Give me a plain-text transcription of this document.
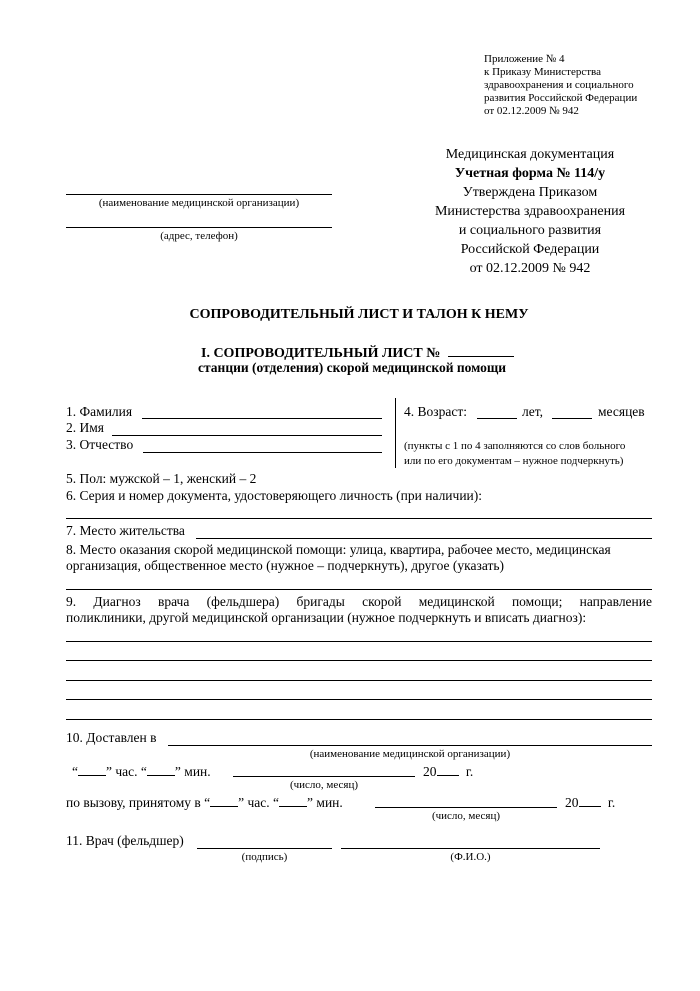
Приложение № 4
к Приказу Министерства
здравоохранения и социального
развития Российской Федерации
от 02.12.2009 № 942
Медицинская документация
Учетная форма № 114/у
Утверждена Приказом
Министерства здравоохранения
и социального развития
Российской Федерации
от 02.12.2009 № 942
(наименование медицинской организации)
(адрес, телефон)
СОПРОВОДИТЕЛЬНЫЙ ЛИСТ И ТАЛОН К НЕМУ
I. СОПРОВОДИТЕЛЬНЫЙ ЛИСТ №
станции (отделения) скорой медицинской помощи
1. Фамилия
2. Имя
3. Отчество
4. Возраст:	лет,	месяцев
(пункты с 1 по 4 заполняются со слов больного
или по его документам – нужное подчеркнуть)
5. Пол: мужской – 1, женский – 2
6. Серия и номер документа, удостоверяющего личность (при наличии):
7. Место жительства
8. Место оказания скорой медицинской помощи: улица, квартира, рабочее место, медицинская
организация, общественное место (нужное – подчеркнуть), другое (указать)
9. Диагноз врача (фельдшера) бригады скорой медицинской помощи; направление
поликлиники, другой медицинской организации (нужное подчеркнуть и вписать диагноз):
10. Доставлен в
(наименование медицинской организации)
“ ” час. “ ” мин.
(число, месяц)
20 г.
по вызову, принятому в “ ” час. “ ” мин.
(число, месяц)
20 г.
11. Врач (фельдшер)
(подпись)	(Ф.И.О.)
